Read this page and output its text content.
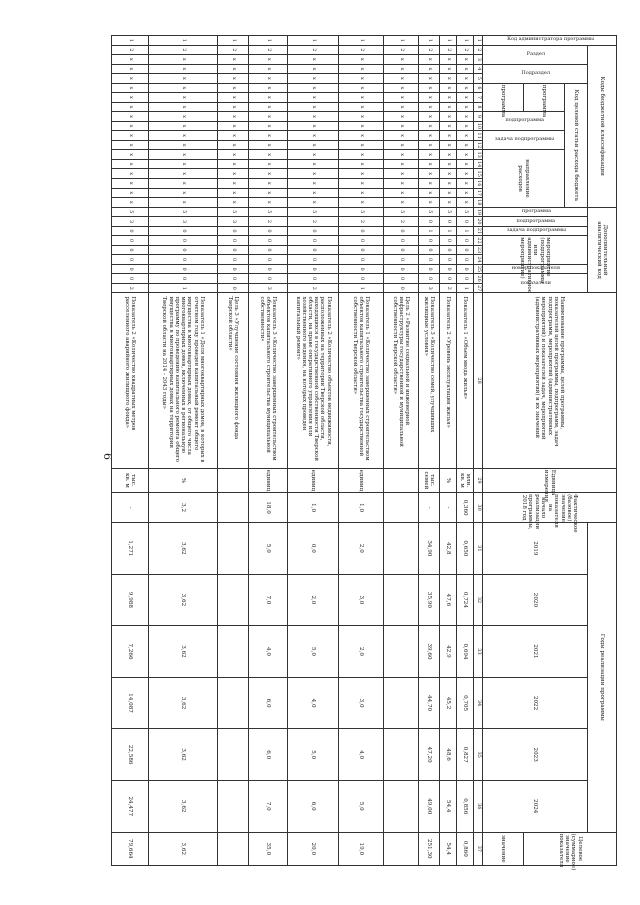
6
Код администратора программы	Коды бюджетной классификации																	Дополнительный аналитический код									Наименование программы, целей программы, показателей целей программы, подпрограмм, задач подпрограмм, мероприятий (административных мероприятий) и показателей задач, мероприятий (административных мероприятий) и их значений	Единица измерения	Фактическое (базовое) значение показателя на начало реализации программы, 2018 год	Годы реализации программы						Целевое (суммарное) значение показателя
	Раздел		Подраздел		Код целевой статьи расхода бюджета													программа	подпрограмма	задача подпрограммы	мероприятие (подпрограммы или административное мероприятие)			номер показателя	показатели					2019	2020	2021	2022	2023	2024	
					программа			подпрограмма		задача подпрограммы		направление расходов																								
					программа																															значение
1	2	3	4	5	6	7	8	9	10	11	12	13	14	15	16	17	18	19	20	21	22	23	24	25	26	27	28	29	30	31	32	33	34	35	36	37
1	2	х	х	х	х	х	х	х	х	х	х	х	х	х	х	х	х	5	0	1	0	0	0	0	0	1	Показатель 1 «Объем ввода жилья»	млн. кв. м	0,360	0,650	0,724	0,694	0,705	0,827	0,856	0,860
1	2	х	х	х	х	х	х	х	х	х	х	х	х	х	х	х	х	5	0	1	0	0	0	0	0	2	Показатель 2 «Уровень эксплуатации жилья»	%	-	42,8	47,6	42,9	45,2	48,6	54,4	54,4
1	2	х	х	х	х	х	х	х	х	х	х	х	х	х	х	х	х	5	0	1	0	0	0	0	0	3	Показатель 3 «Количество семей, улучшивших жилищные условия»	тыс. семей	-	34,90	35,90	39,60	44,70	47,20	49,00	251,30
1	2	х	х	х	х	х	х	х	х	х	х	х	х	х	х	х	х	5	2	0	0	0	0	0	0	0	Цель 2 «Развитие социальной и инженерной инфраструктуры государственной и муниципальной собственности Тверской области»									
1	2	х	х	х	х	х	х	х	х	х	х	х	х	х	х	х	х	5	2	0	0	0	0	0	0	1	Показатель 1 «Количество завершенных строительством объектов капитального строительства государственной собственности Тверской области»	единиц	1,0	2,0	3,0	2,0	3,0	4,0	5,0	19,0
1	2	х	х	х	х	х	х	х	х	х	х	х	х	х	х	х	х	5	2	0	0	0	0	0	0	2	Показатель 2 «Количество объектов недвижимости, расположенных на территории Тверской области, находящихся в государственной собственности Тверской области, на праве оперативного управления или хозяйственного ведения, на которых проведен капитальный ремонт»	единиц	1,0	0,0	2,0	5,0	4,0	5,0	6,0	20,0
1	2	х	х	х	х	х	х	х	х	х	х	х	х	х	х	х	х	5	2	0	0	0	0	0	0	3	Показатель 3 «Количество завершенных строительством объектов капитального строительства муниципальной собственности»	единиц	18,0	5,0	7,0	4,0	6,0	6,0	7,0	35,0
1	2	х	х	х	х	х	х	х	х	х	х	х	х	х	х	х	х	5	3	0	0	0	0	0	0	0	Цель 3 «Улучшение состояния жилищного фонда Тверской области»									
1	2	х	х	х	х	х	х	х	х	х	х	х	х	х	х	х	х	5	3	0	0	0	0	0	0	1	Показатель 1 «Доля многоквартирных домов, в которых в отчетном году проведен капитальный ремонт общего имущества в многоквартирных домах, от общего числа многоквартирных домов, включенных в региональную программу по проведению капитального ремонта общего имущества в многоквартирных домах на территории Тверской области на 2014 - 2043 годы»	%	3,2	3,62	3,62	3,62	3,62	3,62	3,62	3,62
1	2	х	х	х	х	х	х	х	х	х	х	х	х	х	х	х	х	5	3	0	0	0	0	0	0	2	Показатель 2 «Количество квадратных метров расселенного аварийного жилищного фонда»	тыс. кв. м	-	1,271	9,988	7,266	14,087	22,586	24,477	79,664
